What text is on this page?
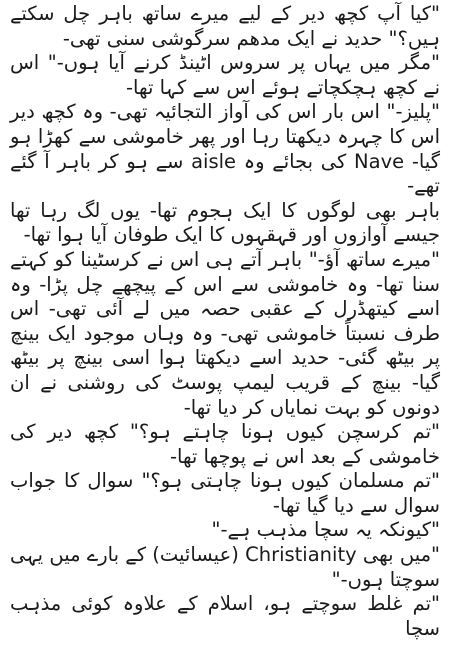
"کیا آپ کچھ دیر کے لیے میرے ساتھ باہر چل سکتے ہیں؟" حدید نے ایک مدھم سرگوشی سنی تھی-

"مگر میں یہاں پر سروس اٹینڈ کرنے آیا ہوں-" اس نے کچھ ہچکچاتے ہوئے اس سے کہا تھا-

"پلیز-" اس بار اس کی آواز التجائیہ تھی- وہ کچھ دیر اس کا چہرہ دیکھتا رہا اور پھر خاموشی سے کھڑا ہو گیا- Nave کی بجائے وہ aisle سے ہو کر باہر آ گئے تھے-

باہر بھی لوگوں کا ایک ہجوم تھا- یوں لگ رہا تھا جیسے آوازوں اور قہقہوں کا ایک طوفان آیا ہوا تھا-

"میرے ساتھ آؤ-" باہر آتے ہی اس نے کرسٹینا کو کہتے سنا تھا- وہ خاموشی سے اس کے پیچھے چل پڑا- وہ اسے کیتھڈرل کے عقبی حصہ میں لے آئی تھی- اس طرف نسبتاً خاموشی تھی- وہ وہاں موجود ایک بینچ پر بیٹھ گئی- حدید اسے دیکھتا ہوا اسی بینچ پر بیٹھ گیا- بینچ کے قریب لیمپ پوسٹ کی روشنی نے ان دونوں کو بہت نمایاں کر دیا تھا-

"تم کرسچن کیوں ہونا چاہتے ہو؟" کچھ دیر کی خاموشی کے بعد اس نے پوچھا تھا-

"تم مسلمان کیوں ہونا چاہتی ہو؟" سوال کا جواب سوال سے دیا گیا تھا-

"کیونکہ یہ سچا مذہب ہے-"

"میں بھی Christianity (عیسائیت) کے بارے میں یہی سوچتا ہوں-"

"تم غلط سوچتے ہو، اسلام کے علاوہ کوئی مذہب سچا
